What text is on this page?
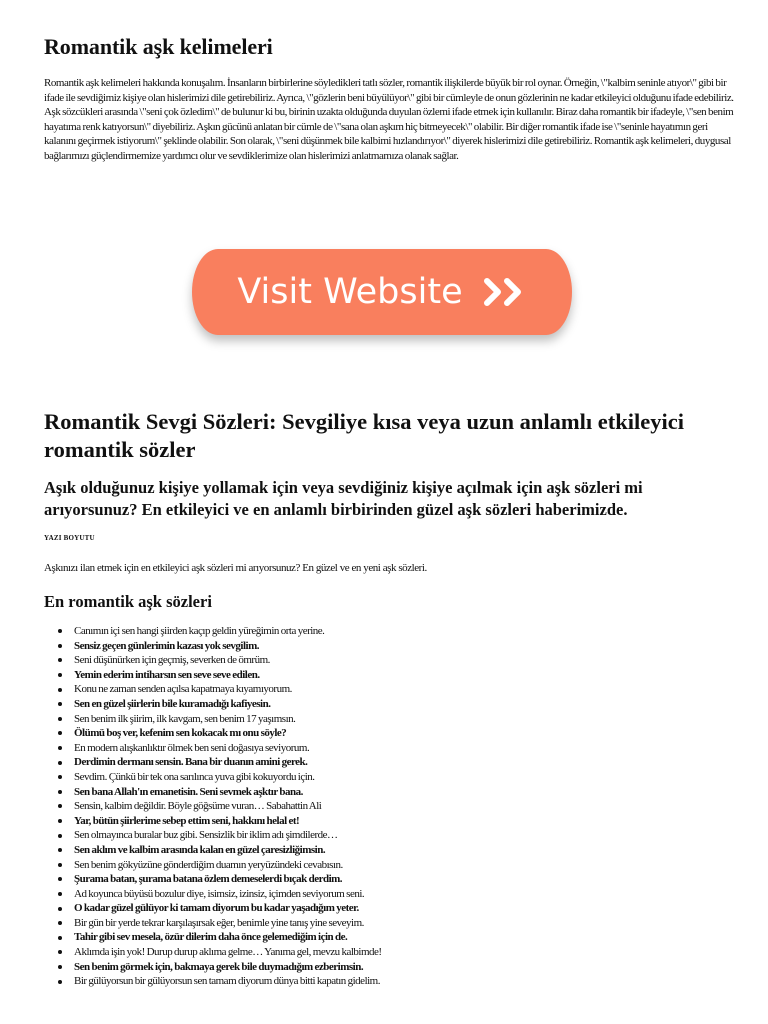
Romantik aşk kelimeleri

Romantik aşk kelimeleri hakkında konuşalım. İnsanların birbirlerine söyledikleri tatlı sözler, romantik ilişkilerde büyük bir rol oynar. Örneğin, \"kalbim seninle atıyor\" gibi bir ifade ile sevdiğimiz kişiye olan hislerimizi dile getirebiliriz. Ayrıca, \"gözlerin beni büyülüyor\" gibi bir cümleyle de onun gözlerinin ne kadar etkileyici olduğunu ifade edebiliriz. Aşk sözcükleri arasında \"seni çok özledim\" de bulunur ki bu, birinin uzakta olduğunda duyulan özlemi ifade etmek için kullanılır. Biraz daha romantik bir ifadeyle, \"sen benim hayatıma renk katıyorsun\" diyebiliriz. Aşkın gücünü anlatan bir cümle de \"sana olan aşkım hiç bitmeyecek\" olabilir. Bir diğer romantik ifade ise \"seninle hayatımın geri kalanını geçirmek istiyorum\" şeklinde olabilir. Son olarak, \"seni düşünmek bile kalbimi hızlandırıyor\" diyerek hislerimizi dile getirebiliriz. Romantik aşk kelimeleri, duygusal bağlarımızı güçlendirmemize yardımcı olur ve sevdiklerimize olan hislerimizi anlatmamıza olanak sağlar.

Visit Website
Romantik Sevgi Sözleri: Sevgiliye kısa veya uzun anlamlı etkileyici romantik sözler
Aşık olduğunuz kişiye yollamak için veya sevdiğiniz kişiye açılmak için aşk sözleri mi arıyorsunuz? En etkileyici ve en anlamlı birbirinden güzel aşk sözleri haberimizde.

YAZI BOYUTU

Aşkınızı ilan etmek için en etkileyici aşk sözleri mi arıyorsunuz? En güzel ve en yeni aşk sözleri.

En romantik aşk sözleri
Canımın içi sen hangi şiirden kaçıp geldin yüreğimin orta yerine.
Sensiz geçen günlerimin kazası yok sevgilim.
Seni düşünürken için geçmiş, severken de ömrüm.
Yemin ederim intiharsın sen seve seve edilen.
Konu ne zaman senden açılsa kapatmaya kıyamıyorum.
Sen en güzel şiirlerin bile kuramadığı kafiyesin.
Sen benim ilk şiirim, ilk kavgam, sen benim 17 yaşımsın.
Ölümü boş ver, kefenim sen kokacak mı onu söyle?
En modern alışkanlıktır ölmek ben seni doğasıya seviyorum.
Derdimin dermanı sensin. Bana bir duanın amini gerek.
Sevdim. Çünkü bir tek ona sarılınca yuva gibi kokuyordu için.
Sen bana Allah'ın emanetisin. Seni sevmek aşktır bana.
Sensin, kalbim değildir. Böyle göğsüme vuran… Sabahattin Ali
Yar, bütün şiirlerime sebep ettim seni, hakkını helal et!
Sen olmayınca buralar buz gibi. Sensizlik bir iklim adı şimdilerde…
Sen aklım ve kalbim arasında kalan en güzel çaresizliğimsin.
Sen benim gökyüzüne gönderdiğim duamın yeryüzündeki cevabısın.
Şurama batan, şurama batana özlem demeselerdi bıçak derdim.
Ad koyunca büyüsü bozulur diye, isimsiz, izinsiz, içimden seviyorum seni.
O kadar güzel gülüyor ki tamam diyorum bu kadar yaşadığım yeter.
Bir gün bir yerde tekrar karşılaşırsak eğer, benimle yine tanış yine seveyim.
Tahir gibi sev mesela, özür dilerim daha önce gelemediğim için de.
Aklımda işin yok! Durup durup aklıma gelme… Yanıma gel, mevzu kalbimde!
Sen benim görmek için, bakmaya gerek bile duymadığım ezberimsin.
Bir gülüyorsun bir gülüyorsun sen tamam diyorum dünya bitti kapatın gidelim.
